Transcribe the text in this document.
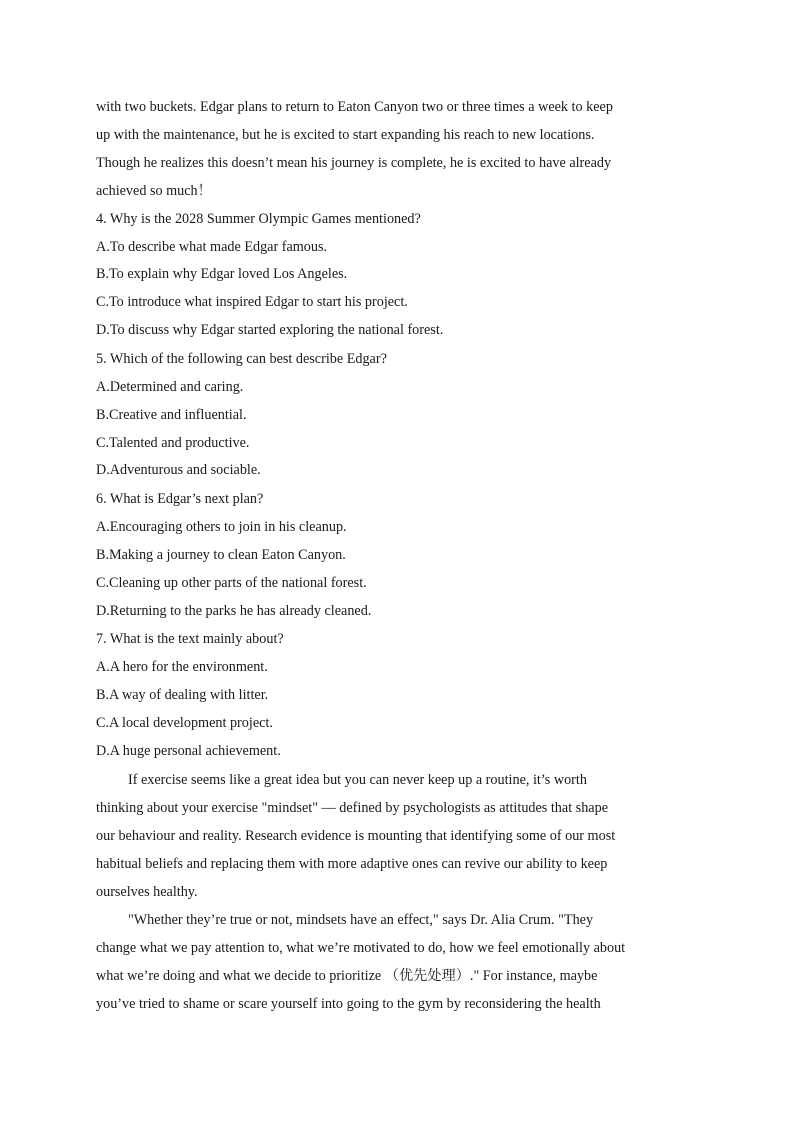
with two buckets. Edgar plans to return to Eaton Canyon two or three times a week to keep

up with the maintenance, but he is excited to start expanding his reach to new locations.

Though he realizes this doesn’t mean his journey is complete, he is excited to have already

achieved so much！

4. Why is the 2028 Summer Olympic Games mentioned?

A.To describe what made Edgar famous.

B.To explain why Edgar loved Los Angeles.

C.To introduce what inspired Edgar to start his project.

D.To discuss why Edgar started exploring the national forest.

5. Which of the following can best describe Edgar?

A.Determined and caring.

B.Creative and influential.

C.Talented and productive.

D.Adventurous and sociable.

6. What is Edgar’s next plan?

A.Encouraging others to join in his cleanup.

B.Making a journey to clean Eaton Canyon.

C.Cleaning up other parts of the national forest.

D.Returning to the parks he has already cleaned.

7. What is the text mainly about?

A.A hero for the environment.

B.A way of dealing with litter.

C.A local development project.

D.A huge personal achievement.

If exercise seems like a great idea but you can never keep up a routine, it’s worth

thinking about your exercise "mindset" — defined by psychologists as attitudes that shape

our behaviour and reality. Research evidence is mounting that identifying some of our most

habitual beliefs and replacing them with more adaptive ones can revive our ability to keep

ourselves healthy.

"Whether they’re true or not, mindsets have an effect," says Dr. Alia Crum. "They

change what we pay attention to, what we’re motivated to do, how we feel emotionally about

what we’re doing and what we decide to prioritize （优先处理）." For instance, maybe

you’ve tried to shame or scare yourself into going to the gym by reconsidering the health
